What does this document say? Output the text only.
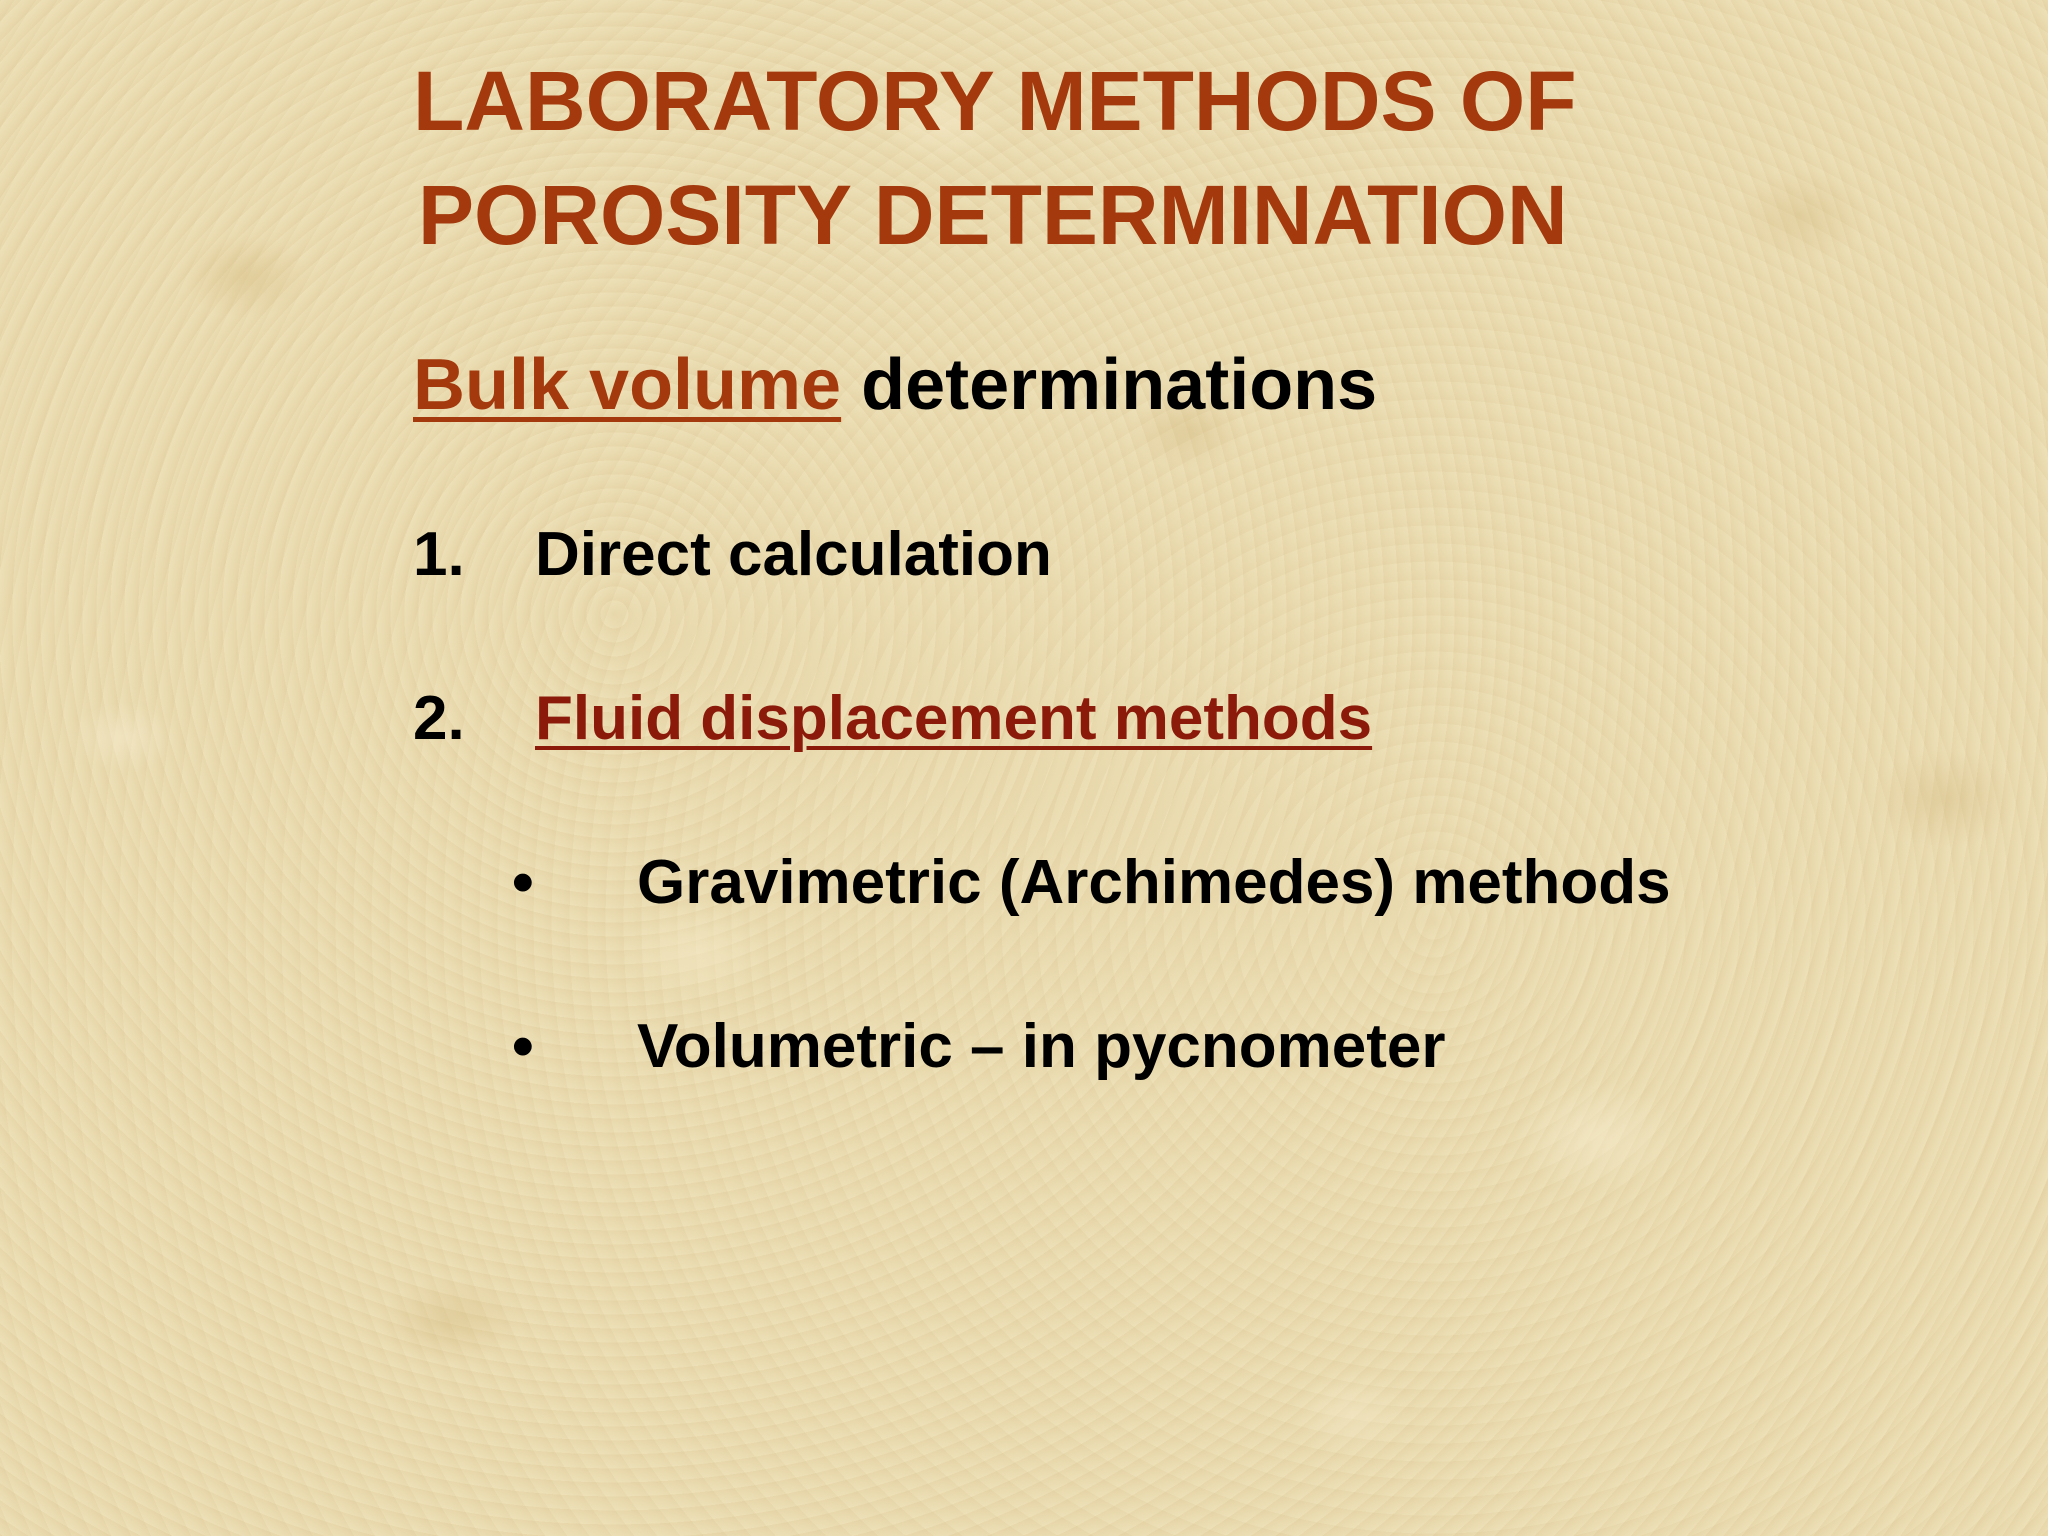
LABORATORY METHODS OF
POROSITY DETERMINATION
Bulk volume determinations
1. Direct calculation
2. Fluid displacement methods
• Gravimetric (Archimedes) methods
• Volumetric – in pycnometer
